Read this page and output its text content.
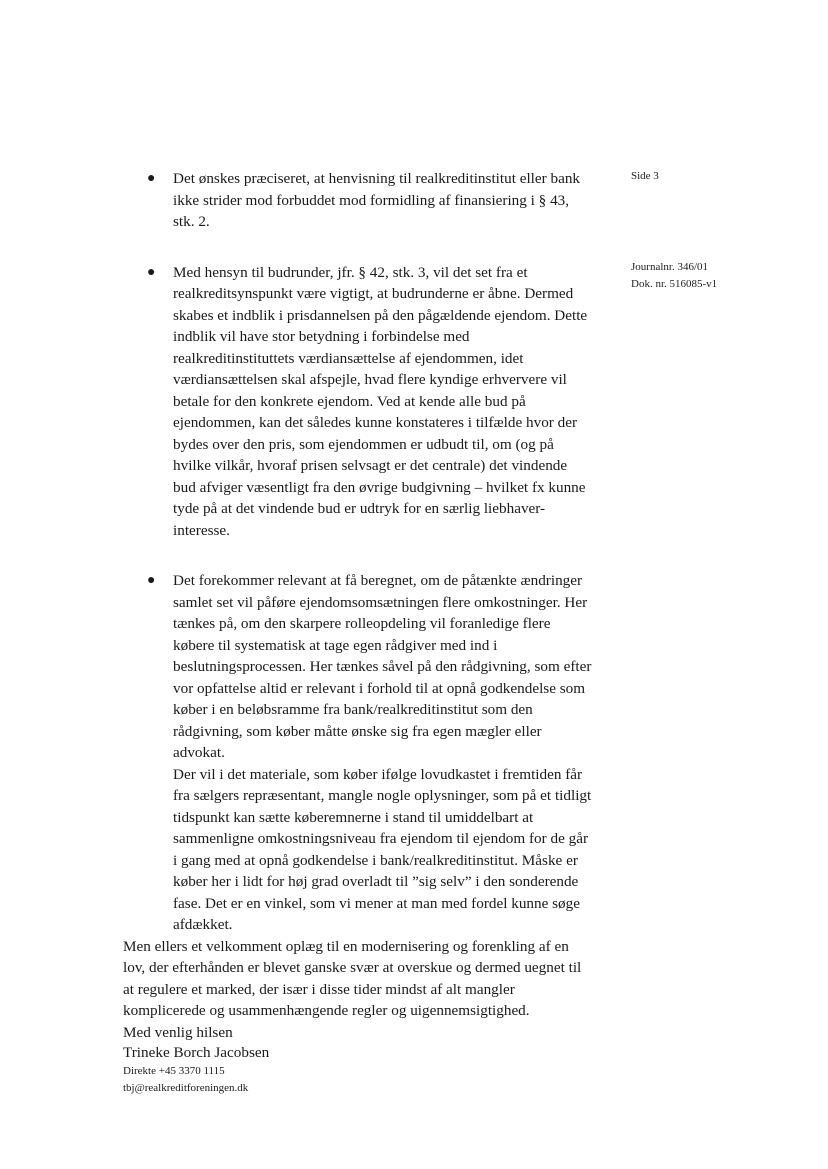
Side 3
Journalnr. 346/01
Dok. nr. 516085-v1
● Det ønskes præciseret, at henvisning til realkreditinstitut eller bank ikke strider mod forbuddet mod formidling af finansiering i § 43, stk. 2.

● Med hensyn til budrunder, jfr. § 42, stk. 3, vil det set fra et realkreditsynspunkt være vigtigt, at budrunderne er åbne. Dermed skabes et indblik i prisdannelsen på den pågældende ejendom. Dette indblik vil have stor betydning i forbindelse med realkreditinstituttets værdiansættelse af ejendommen, idet værdiansættelsen skal afspejle, hvad flere kyndige erhververe vil betale for den konkrete ejendom. Ved at kende alle bud på ejendommen, kan det således kunne konstateres i tilfælde hvor der bydes over den pris, som ejendommen er udbudt til, om (og på hvilke vilkår, hvoraf prisen selvsagt er det centrale) det vindende bud afviger væsentligt fra den øvrige budgivning – hvilket fx kunne tyde på at det vindende bud er udtryk for en særlig liebhaver-interesse.

● Det forekommer relevant at få beregnet, om de påtænkte ændringer samlet set vil påføre ejendomsomsætningen flere omkostninger. Her tænkes på, om den skarpere rolleopdeling vil foranledige flere købere til systematisk at tage egen rådgiver med ind i beslutningsprocessen. Her tænkes såvel på den rådgivning, som efter vor opfattelse altid er relevant i forhold til at opnå godkendelse som køber i en beløbsramme fra bank/realkreditinstitut som den rådgivning, som køber måtte ønske sig fra egen mægler eller advokat.

Der vil i det materiale, som køber ifølge lovudkastet i fremtiden får fra sælgers repræsentant, mangle nogle oplysninger, som på et tidligt tidspunkt kan sætte køberemnerne i stand til umiddelbart at sammenligne omkostningsniveau fra ejendom til ejendom for de går i gang med at opnå godkendelse i bank/realkreditinstitut. Måske er køber her i lidt for høj grad overladt til ”sig selv” i den sonderende fase. Det er en vinkel, som vi mener at man med fordel kunne søge afdækket.

Men ellers et velkomment oplæg til en modernisering og forenkling af en lov, der efterhånden er blevet ganske svær at overskue og dermed uegnet til at regulere et marked, der især i disse tider mindst af alt mangler komplicerede og usammenhængende regler og uigennemsigtighed.

Med venlig hilsen

Trineke Borch Jacobsen
Direkte +45 3370 1115
tbj@realkreditforeningen.dk
